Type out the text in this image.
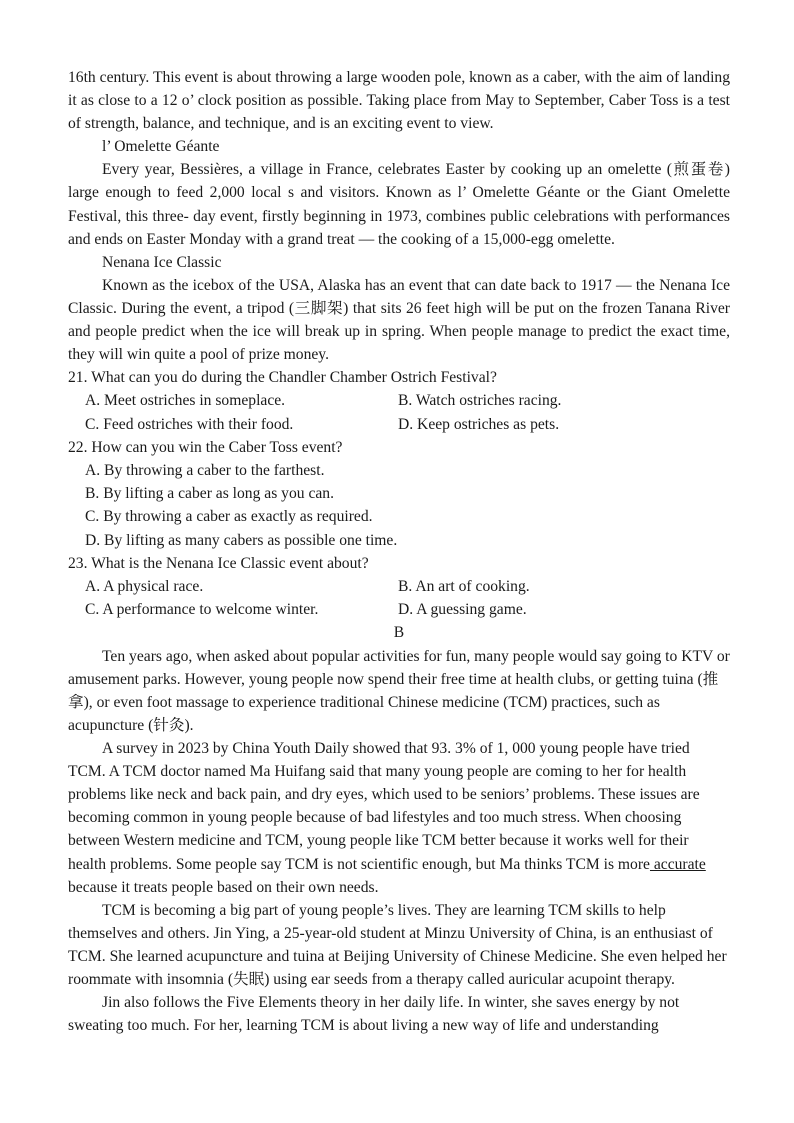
16th century. This event is about throwing a large wooden pole, known as a caber, with the aim of landing it as close to a 12 o’ clock position as possible. Taking place from May to September, Caber Toss is a test of strength, balance, and technique, and is an exciting event to view.

l’ Omelette Géante

Every year, Bessières, a village in France, celebrates Easter by cooking up an omelette (煎蛋卷) large enough to feed 2,000 local s and visitors. Known as l’ Omelette Géante or the Giant Omelette Festival, this three- day event, firstly beginning in 1973, combines public celebrations with performances and ends on Easter Monday with a grand treat — the cooking of a 15,000-egg omelette.

Nenana Ice Classic

Known as the icebox of the USA, Alaska has an event that can date back to 1917 — the Nenana Ice Classic. During the event, a tripod (三脚架) that sits 26 feet high will be put on the frozen Tanana River and people predict when the ice will break up in spring. When people manage to predict the exact time, they will win quite a pool of prize money.

21. What can you do during the Chandler Chamber Ostrich Festival?

A. Meet ostriches in someplace.	B. Watch ostriches racing.
C. Feed ostriches with their food.	D. Keep ostriches as pets.

22. How can you win the Caber Toss event?

A. By throwing a caber to the farthest.

B. By lifting a caber as long as you can.

C. By throwing a caber as exactly as required.

D. By lifting as many cabers as possible one time.

23. What is the Nenana Ice Classic event about?

A. A physical race.	B. An art of cooking.
C. A performance to welcome winter.	D. A guessing game.

B

Ten years ago, when asked about popular activities for fun, many people would say going to KTV or amusement parks. However, young people now spend their free time at health clubs, or getting tuina (推拿), or even foot massage to experience traditional Chinese medicine (TCM) practices, such as acupuncture (针灸).

A survey in 2023 by China Youth Daily showed that 93. 3% of 1, 000 young people have tried TCM. A TCM doctor named Ma Huifang said that many young people are coming to her for health problems like neck and back pain, and dry eyes, which used to be seniors’ problems. These issues are becoming common in young people because of bad lifestyles and too much stress. When choosing between Western medicine and TCM, young people like TCM better because it works well for their health problems. Some people say TCM is not scientific enough, but Ma thinks TCM is more accurate because it treats people based on their own needs.

TCM is becoming a big part of young people’s lives. They are learning TCM skills to help themselves and others. Jin Ying, a 25-year-old student at Minzu University of China, is an enthusiast of TCM. She learned acupuncture and tuina at Beijing University of Chinese Medicine. She even helped her roommate with insomnia (失眠) using ear seeds from a therapy called auricular acupoint therapy.

Jin also follows the Five Elements theory in her daily life. In winter, she saves energy by not sweating too much. For her, learning TCM is about living a new way of life and understanding
